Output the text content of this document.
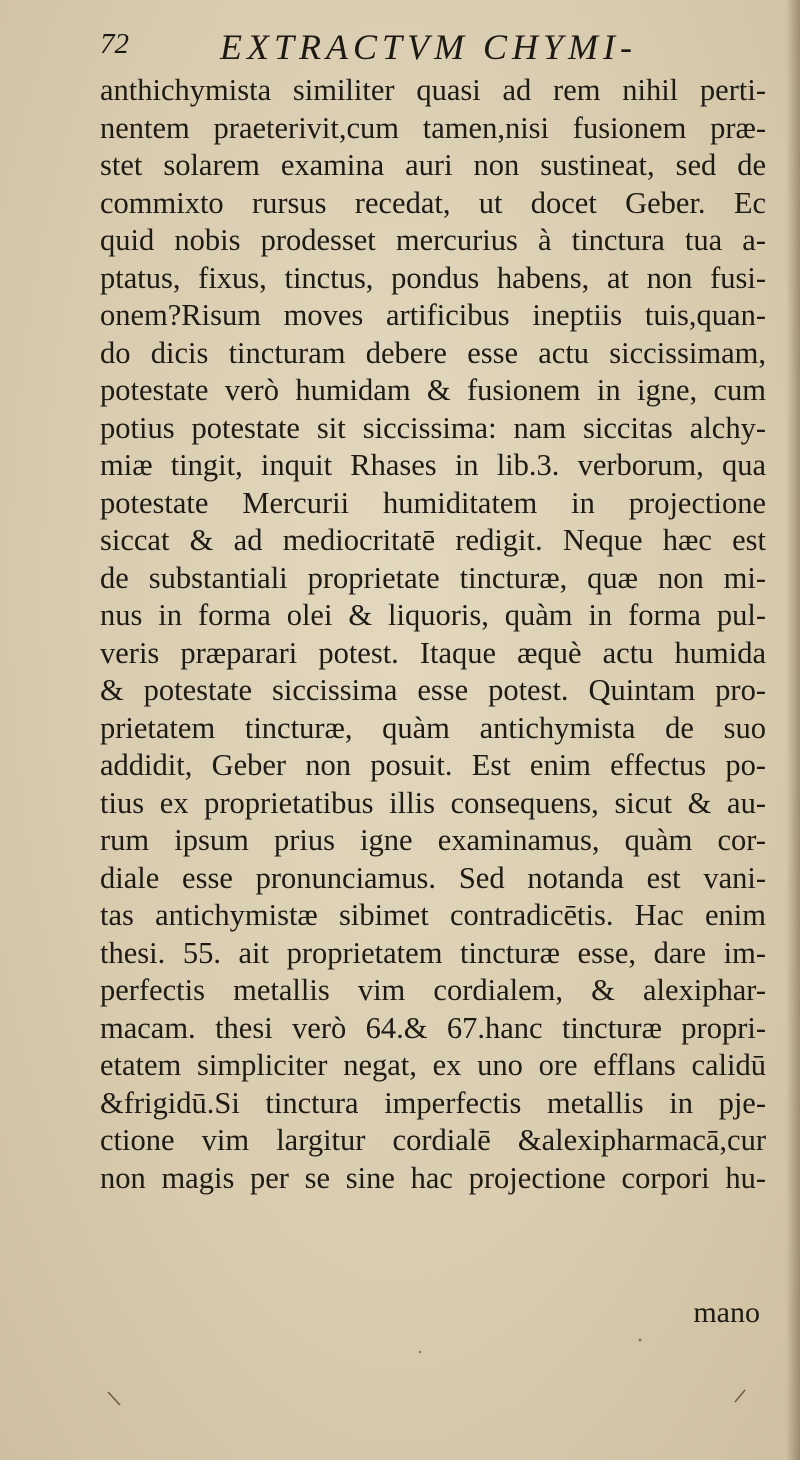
72	EXTRACTVM CHYMI-
anthichymista similiter quasi ad rem nihil perti-
nentem prаeterivit,cum tamen,nisi fusionem præ-
stet solarem examina auri non sustineat, sed de
commixto rursus recedat, ut docet Geber. Ec
quid nobis prodesset mercurius à tinctura tua a-
ptatus, fixus, tinctus, pondus habens, at non fusi-
onem?Risum moves artificibus ineptiis tuis,quan-
do dicis tincturam debere esse actu siccissimam,
potestate verò humidam & fusionem in igne, cum
potius potestate sit siccissima: nam siccitas alchy-
miæ tingit, inquit Rhases in lib.3. verborum, qua
potestate Mercurii humiditatem in projectione
siccat & ad mediocritatē redigit. Neque hæc est
de substantiali proprietate tincturæ, quæ non mi-
nus in forma olei & liquoris, quàm in forma pul-
veris præparari potest. Itaque æquè actu humida
& potestate siccissima esse potest. Quintam pro-
prietatem tincturæ, quàm antichymista de suo
addidit, Geber non posuit. Est enim effectus po-
tius ex proprietatibus illis consequens, sicut & au-
rum ipsum prius igne examinamus, quàm cor-
diale esse pronunciamus. Sed notanda est vani-
tas antichymistæ sibimet contradicētis. Hac enim
thesi. 55. ait proprietatem tincturæ esse, dare im-
perfectis metallis vim cordialem, & alexiphar-
macam. thesi verò 64.& 67.hanc tincturæ propri-
etatem simpliciter negat, ex uno ore efflans calidū
&frigidū.Si tinctura imperfectis metallis in pje-
ctione vim largitur cordialē &alexipharmacā,cur
non magis per se sine hac projectione corpori hu-
mano
